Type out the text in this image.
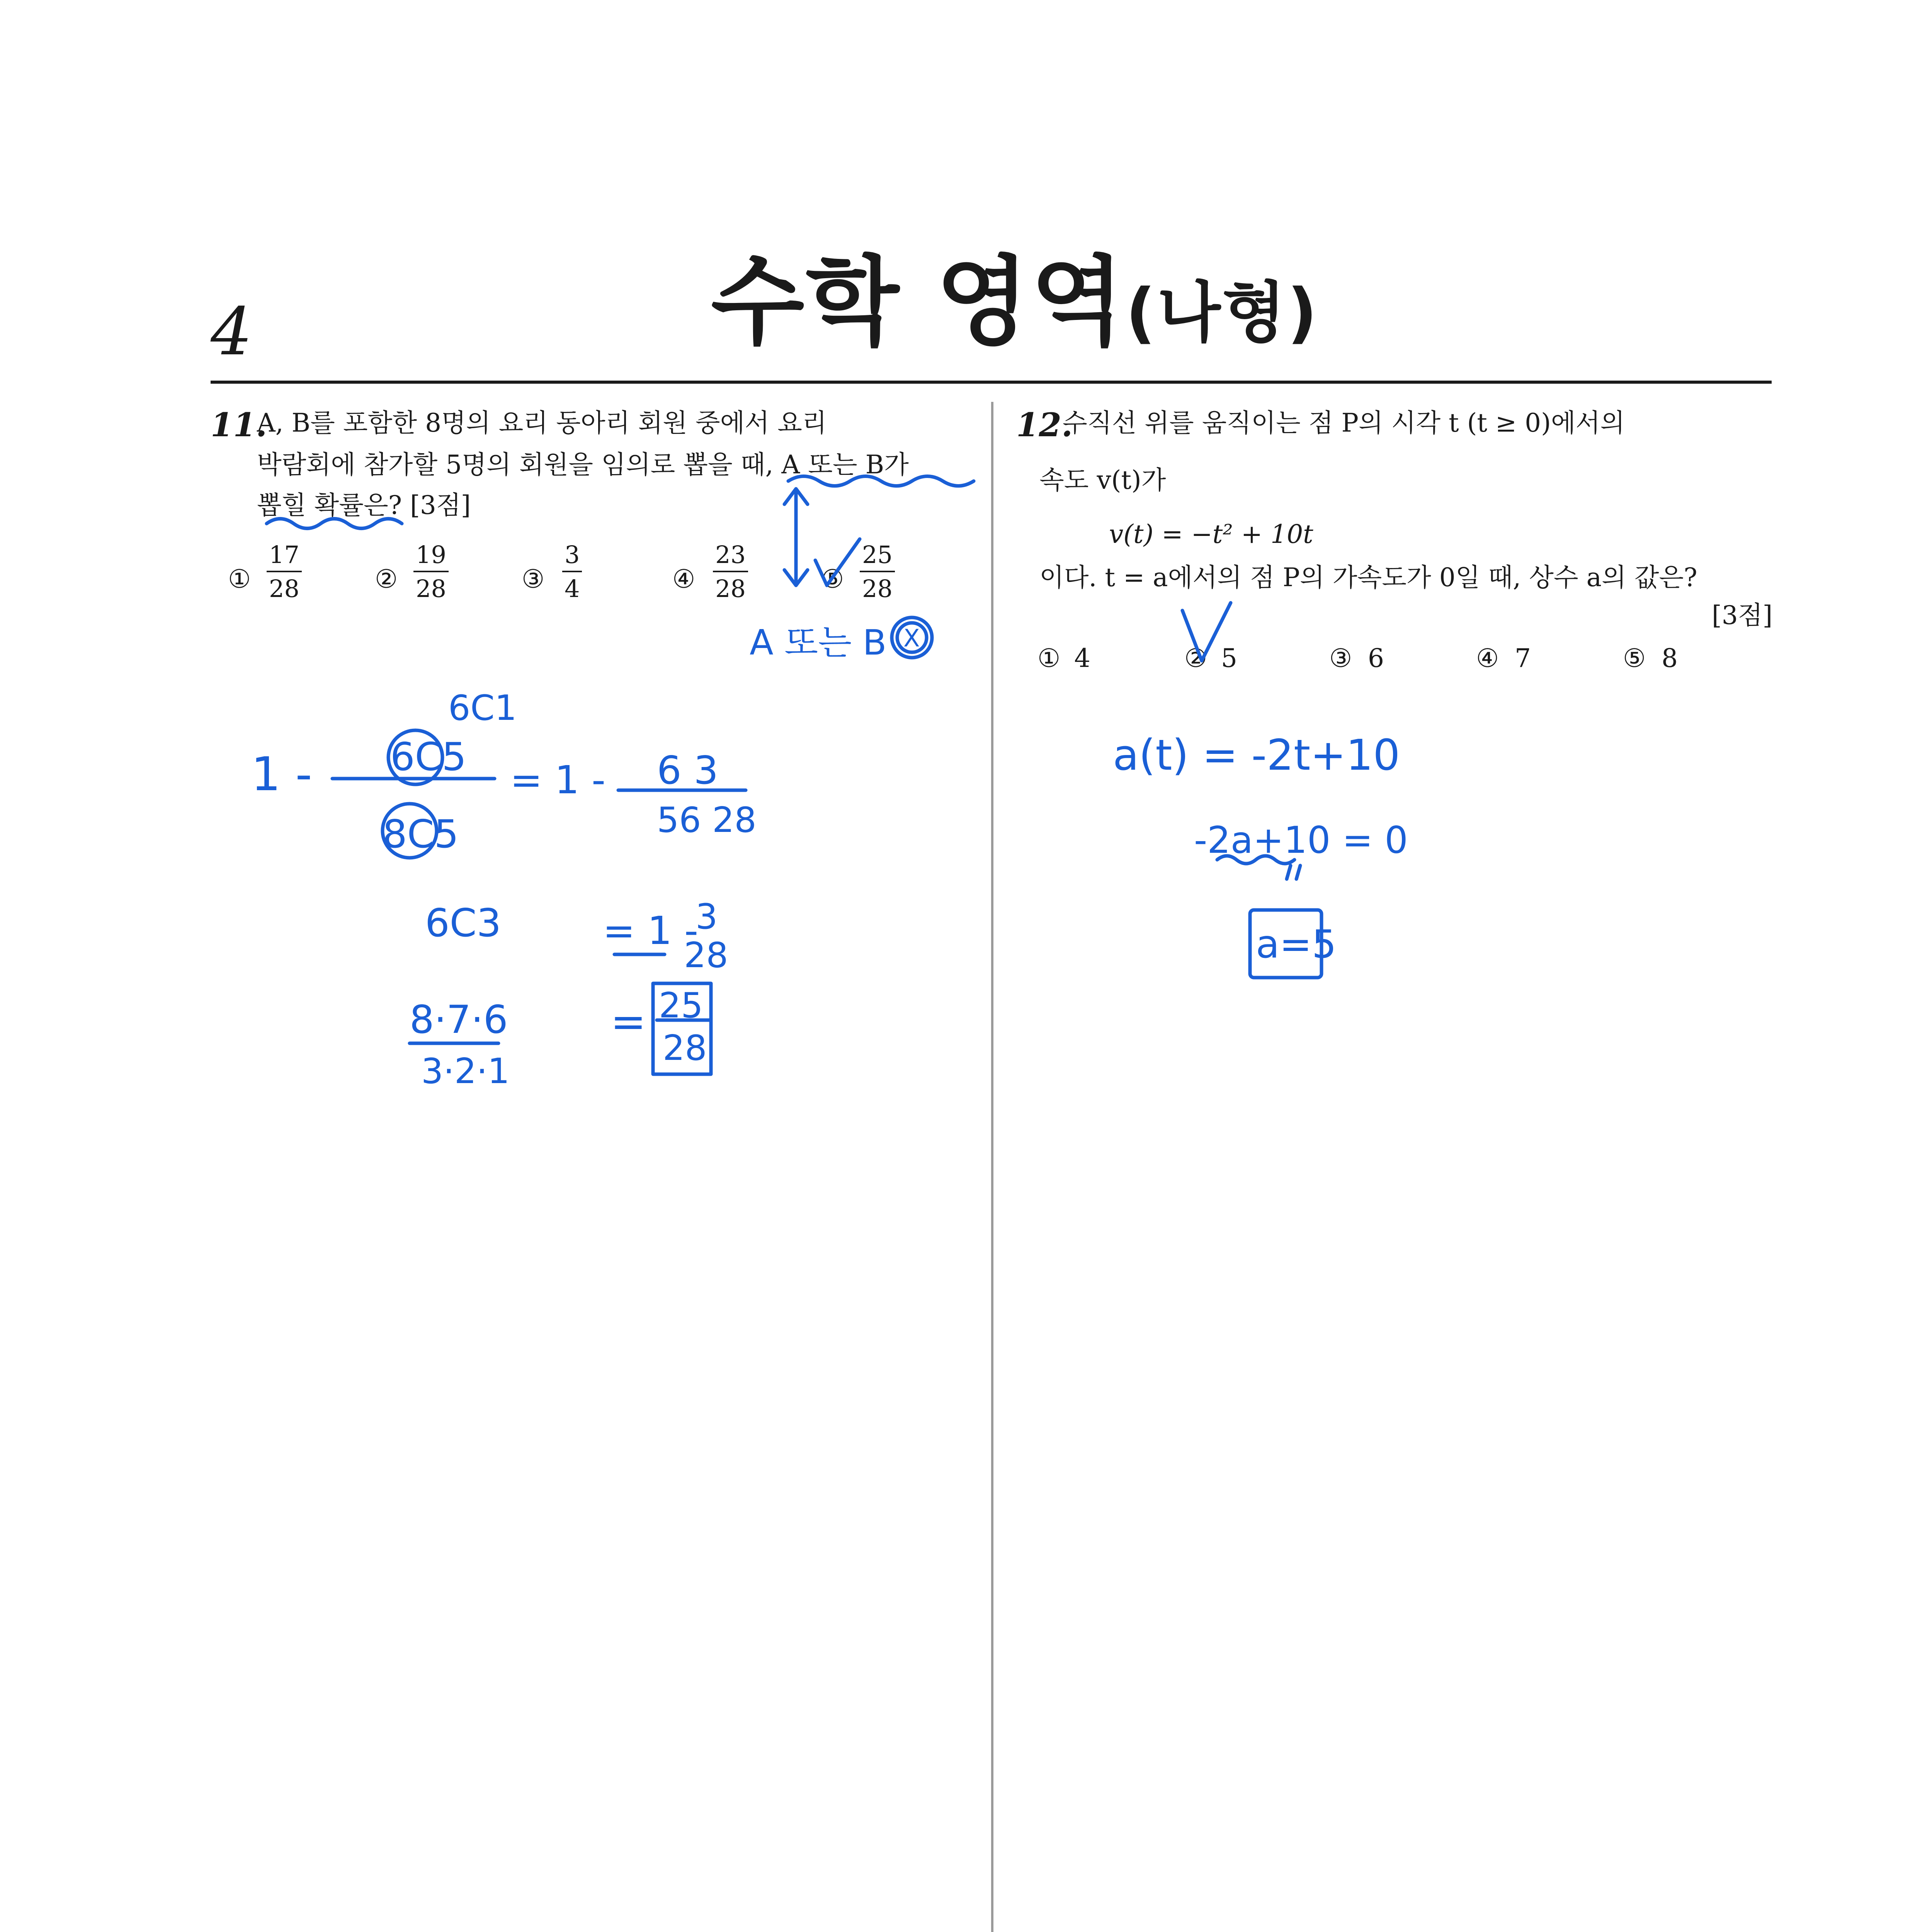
4	수학 영역(나형)
11.
A, B를 포함한 8명의 요리 동아리 회원 중에서 요리
박람회에 참가할 5명의 회원을 임의로 뽑을 때, A 또는 B가
뽑힐 확률은? [3점]
①
17
28	②
19
28	③
3
4	④
23
28	⑤
25
28
12.
수직선 위를 움직이는 점 P의 시각 t (t ≥ 0)에서의
속도 v(t)가
v(t) = −t² + 10t
이다. t = a에서의 점 P의 가속도가 0일 때, 상수 a의 값은?
[3점]
① 4	② 5	③ 6	④ 7	⑤ 8
A 또는 B X
1 - 6C5
8C5
6C1
= 1 - 6 3
56 28
6C3	= 1 -
3
28
8·7·6
3·2·1
= 25
28
a(t) = -2t+10
-2a+10 = 0
a=5
